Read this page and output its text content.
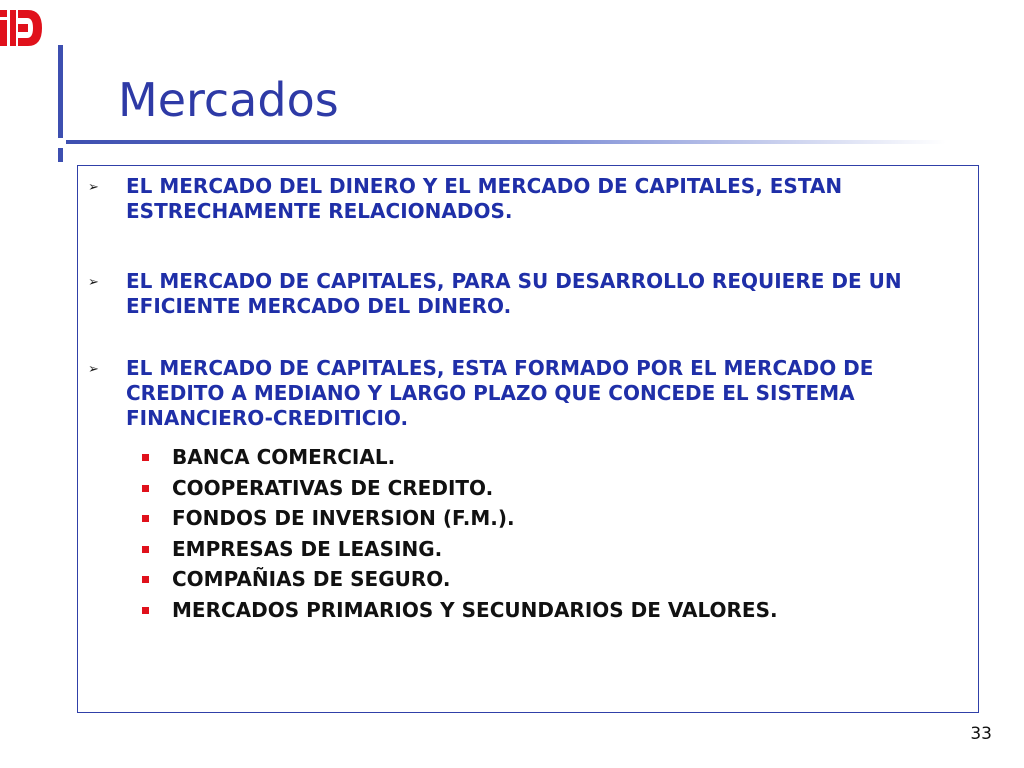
Mercados
➢ EL MERCADO DEL DINERO Y EL MERCADO DE CAPITALES, ESTAN ESTRECHAMENTE RELACIONADOS.
➢ EL MERCADO DE CAPITALES, PARA SU DESARROLLO REQUIERE DE UN EFICIENTE MERCADO DEL DINERO.
➢ EL MERCADO DE CAPITALES, ESTA FORMADO POR EL MERCADO DE CREDITO A MEDIANO Y LARGO PLAZO QUE CONCEDE EL SISTEMA FINANCIERO-CREDITICIO.
BANCA COMERCIAL.
COOPERATIVAS DE CREDITO.
FONDOS DE INVERSION (F.M.).
EMPRESAS DE LEASING.
COMPAÑIAS DE SEGURO.
MERCADOS PRIMARIOS Y SECUNDARIOS DE VALORES.
33
